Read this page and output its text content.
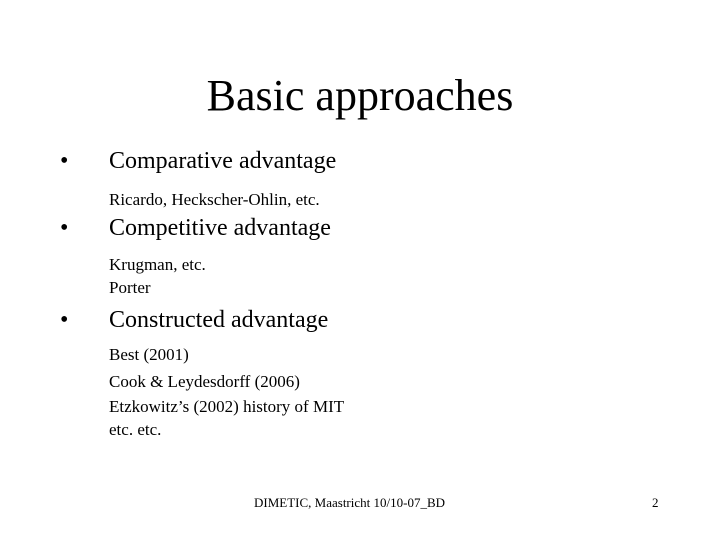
Basic approaches
• Comparative advantage
Ricardo, Heckscher-Ohlin, etc.
• Competitive advantage
Krugman, etc.
Porter
• Constructed advantage
Best (2001)
Cook & Leydesdorff (2006)
Etzkowitz’s (2002) history of MIT
etc. etc.
DIMETIC, Maastricht 10/10-07_BD	2
